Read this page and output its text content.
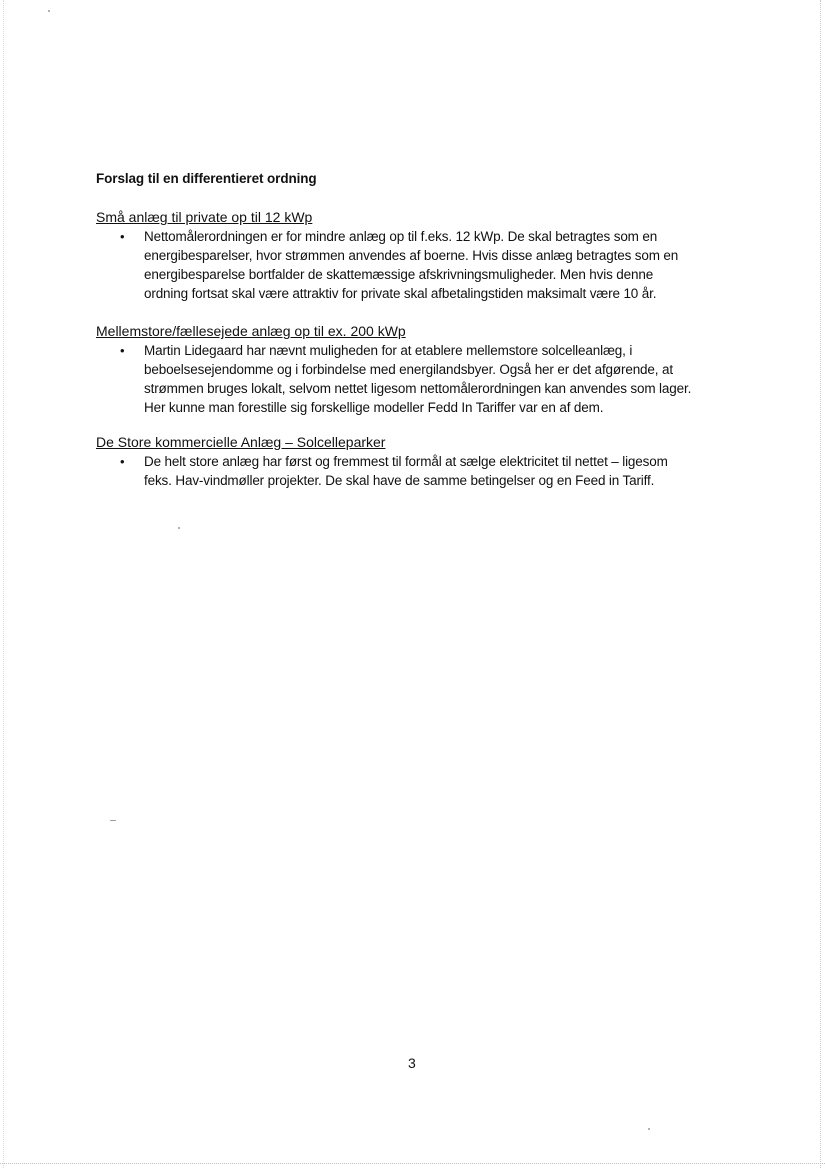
Forslag til en differentieret ordning
Små anlæg til private op til 12 kWp
• Nettomålerordningen er for mindre anlæg op til f.eks. 12 kWp. De skal betragtes som en
energibesparelser, hvor strømmen anvendes af boerne. Hvis disse anlæg betragtes som en
energibesparelse bortfalder de skattemæssige afskrivningsmuligheder. Men hvis denne
ordning fortsat skal være attraktiv for private skal afbetalingstiden maksimalt være 10 år.
Mellemstore/fællesejede anlæg op til ex. 200 kWp
• Martin Lidegaard har nævnt muligheden for at etablere mellemstore solcelleanlæg, i
beboelsesejendomme og i forbindelse med energilandsbyer. Også her er det afgørende, at
strømmen bruges lokalt, selvom nettet ligesom nettomålerordningen kan anvendes som lager.
Her kunne man forestille sig forskellige modeller Fedd In Tariffer var en af dem.
De Store kommercielle Anlæg – Solcelleparker
• De helt store anlæg har først og fremmest til formål at sælge elektricitet til nettet – ligesom
feks. Hav-vindmøller projekter. De skal have de samme betingelser og en Feed in Tariff.
3
